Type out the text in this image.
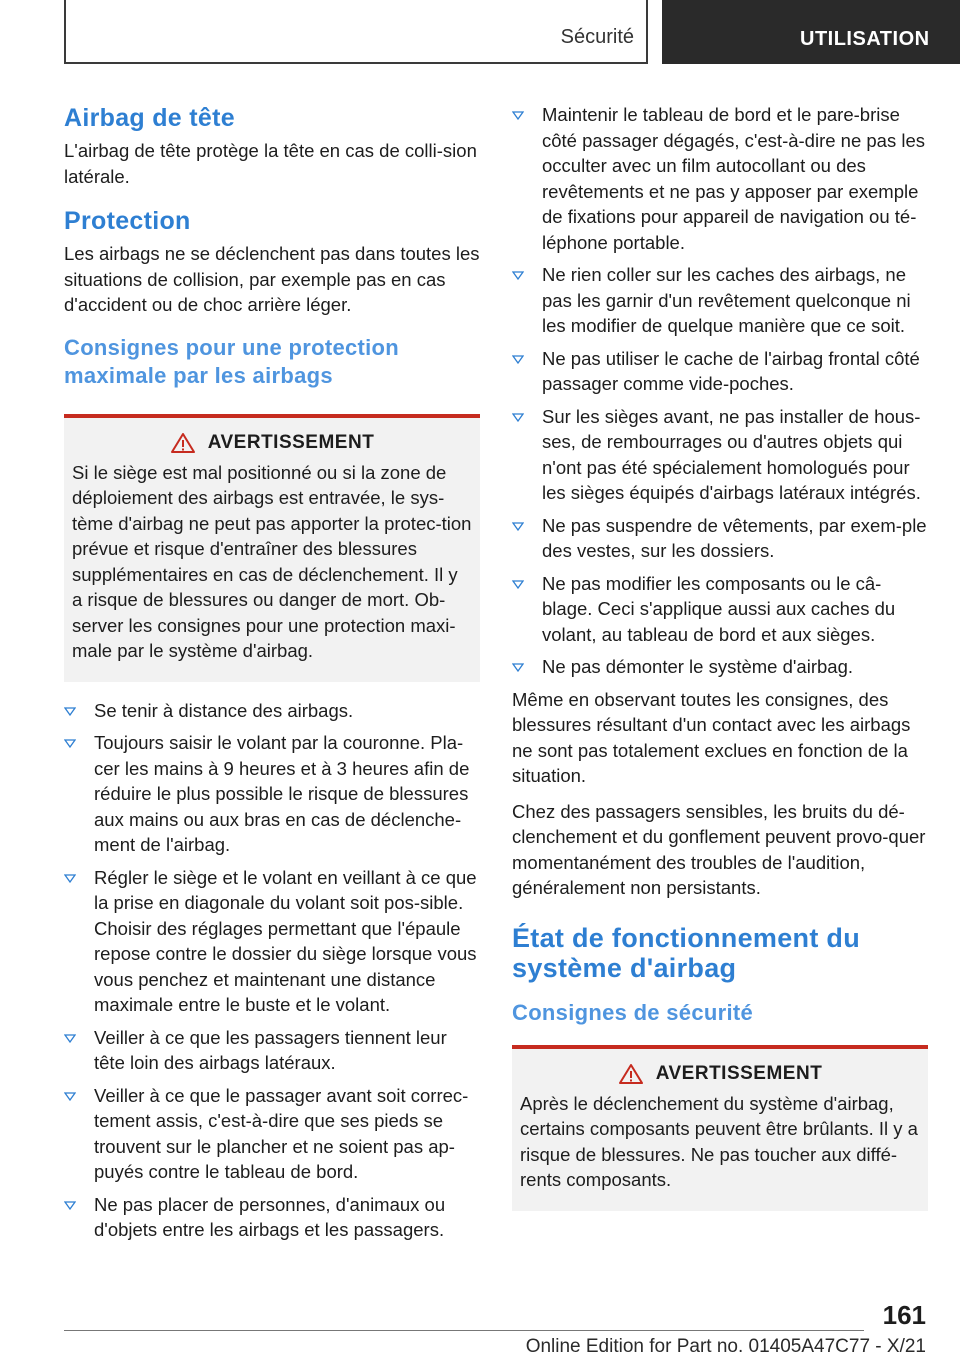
Sécurité	UTILISATION
Airbag de tête

L'airbag de tête protège la tête en cas de colli-sion latérale.

Protection

Les airbags ne se déclenchent pas dans toutes les situations de collision, par exemple pas en cas d'accident ou de choc arrière léger.

Consignes pour une protection maximale par les airbags
AVERTISSEMENT

Si le siège est mal positionné ou si la zone de déploiement des airbags est entravée, le sys-tème d'airbag ne peut pas apporter la protec-tion prévue et risque d'entraîner des blessures supplémentaires en cas de déclenchement. Il y a risque de blessures ou danger de mort. Ob-server les consignes pour une protection maxi-male par le système d'airbag.

Se tenir à distance des airbags.
Toujours saisir le volant par la couronne. Pla-cer les mains à 9 heures et à 3 heures afin de réduire le plus possible le risque de blessures aux mains ou aux bras en cas de déclenche-ment de l'airbag.
Régler le siège et le volant en veillant à ce que la prise en diagonale du volant soit pos-sible. Choisir des réglages permettant que l'épaule repose contre le dossier du siège lorsque vous vous penchez et maintenant une distance maximale entre le buste et le volant.
Veiller à ce que les passagers tiennent leur tête loin des airbags latéraux.
Veiller à ce que le passager avant soit correc-tement assis, c'est-à-dire que ses pieds se trouvent sur le plancher et ne soient pas ap-puyés contre le tableau de bord.
Ne pas placer de personnes, d'animaux ou d'objets entre les airbags et les passagers.
Maintenir le tableau de bord et le pare-brise côté passager dégagés, c'est-à-dire ne pas les occulter avec un film autocollant ou des revêtements et ne pas y apposer par exemple de fixations pour appareil de navigation ou té-léphone portable.
Ne rien coller sur les caches des airbags, ne pas les garnir d'un revêtement quelconque ni les modifier de quelque manière que ce soit.
Ne pas utiliser le cache de l'airbag frontal côté passager comme vide-poches.
Sur les sièges avant, ne pas installer de hous-ses, de rembourrages ou d'autres objets qui n'ont pas été spécialement homologués pour les sièges équipés d'airbags latéraux intégrés.
Ne pas suspendre de vêtements, par exem-ple des vestes, sur les dossiers.
Ne pas modifier les composants ou le câ-blage. Ceci s'applique aussi aux caches du volant, au tableau de bord et aux sièges.
Ne pas démonter le système d'airbag.

Même en observant toutes les consignes, des blessures résultant d'un contact avec les airbags ne sont pas totalement exclues en fonction de la situation.

Chez des passagers sensibles, les bruits du dé-clenchement et du gonflement peuvent provo-quer momentanément des troubles de l'audition, généralement non persistants.

État de fonctionnement du système d'airbag
Consignes de sécurité
AVERTISSEMENT

Après le déclenchement du système d'airbag, certains composants peuvent être brûlants. Il y a risque de blessures. Ne pas toucher aux diffé-rents composants.

161
Online Edition for Part no. 01405A47C77 - X/21
